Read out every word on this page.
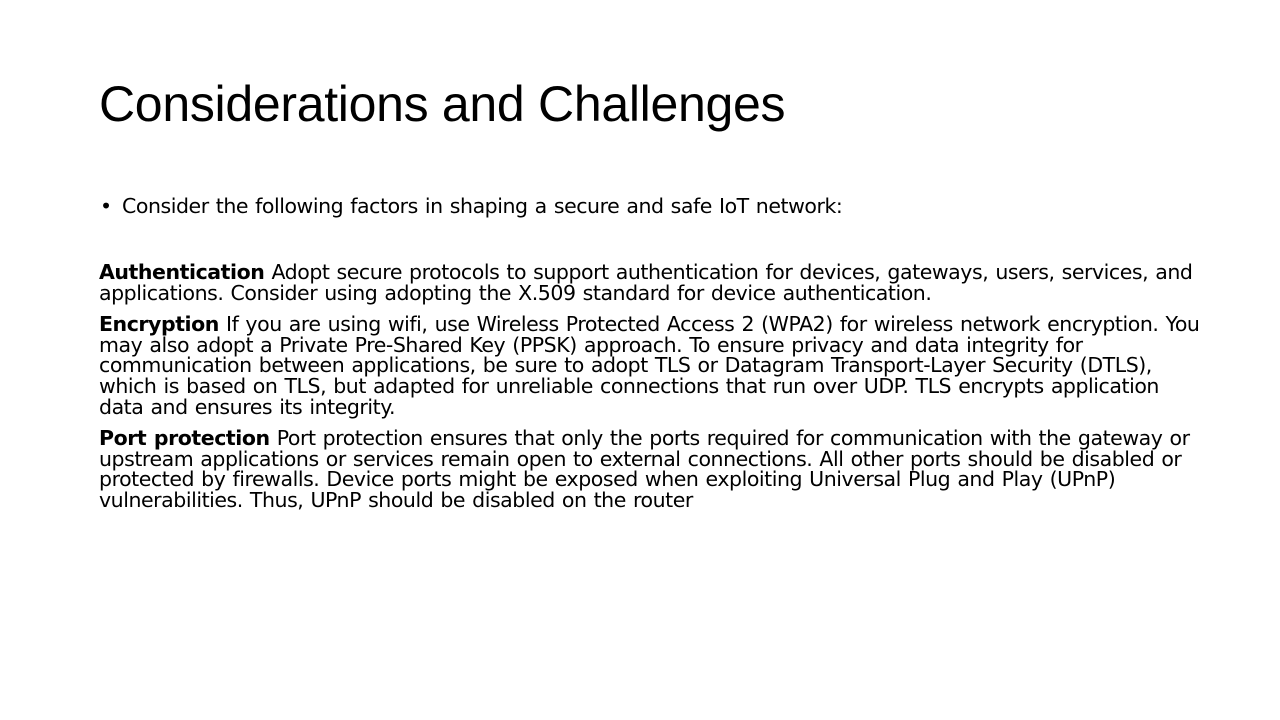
Considerations and Challenges

• Consider the following factors in shaping a secure and safe IoT network:

Authentication Adopt secure protocols to support authentication for devices, gateways, users, services, and applications. Consider using adopting the X.509 standard for device authentication.

Encryption If you are using wifi, use Wireless Protected Access 2 (WPA2) for wireless network encryption. You may also adopt a Private Pre-Shared Key (PPSK) approach. To ensure privacy and data integrity for communication between applications, be sure to adopt TLS or Datagram Transport-Layer Security (DTLS), which is based on TLS, but adapted for unreliable connections that run over UDP. TLS encrypts application data and ensures its integrity.

Port protection Port protection ensures that only the ports required for communication with the gateway or upstream applications or services remain open to external connections. All other ports should be disabled or protected by firewalls. Device ports might be exposed when exploiting Universal Plug and Play (UPnP) vulnerabilities. Thus, UPnP should be disabled on the router
